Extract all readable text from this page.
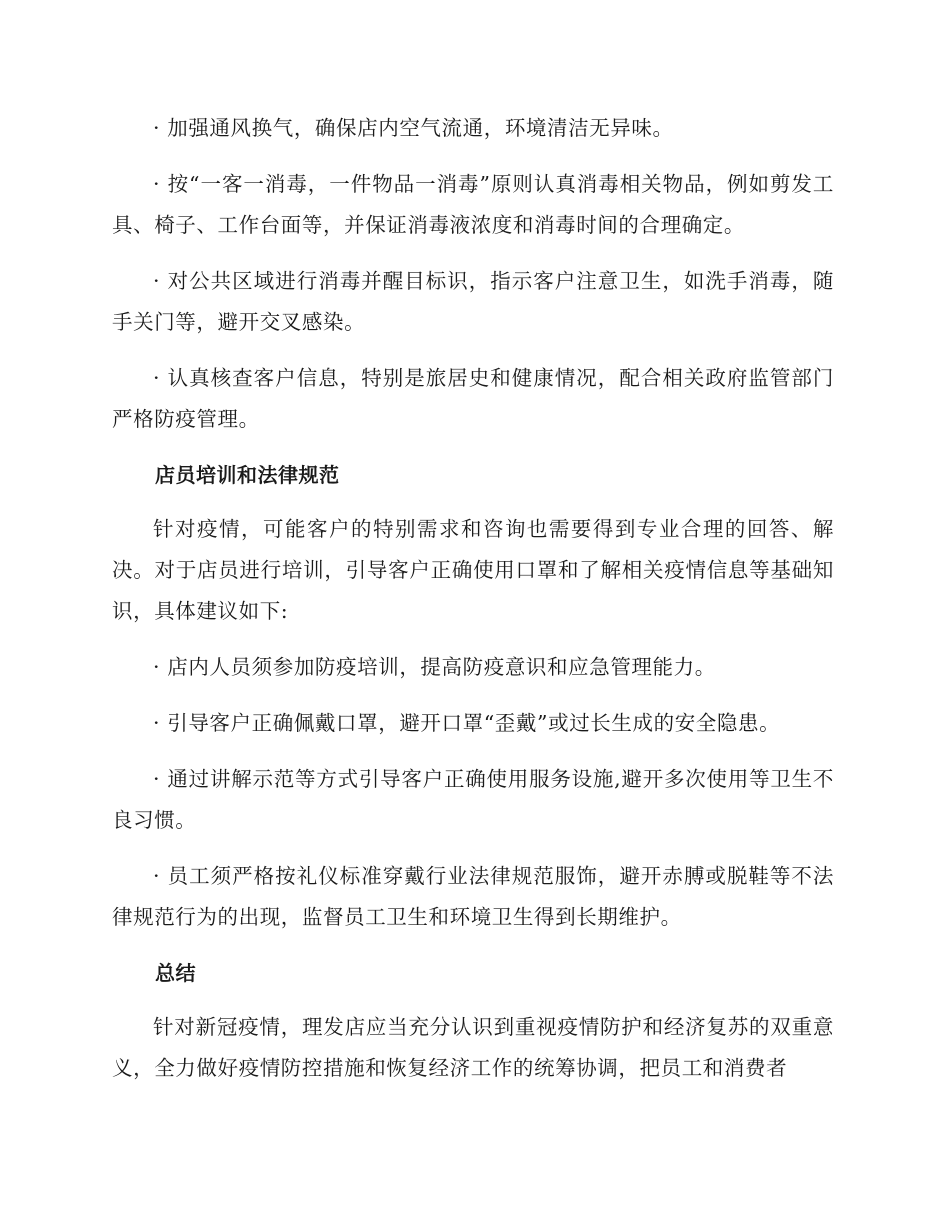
· 加强通风换气，确保店内空气流通，环境清洁无异味。

· 按“一客一消毒，一件物品一消毒”原则认真消毒相关物品，例如剪发工具、椅子、工作台面等，并保证消毒液浓度和消毒时间的合理确定。

· 对公共区域进行消毒并醒目标识，指示客户注意卫生，如洗手消毒，随手关门等，避开交叉感染。

· 认真核查客户信息，特别是旅居史和健康情况，配合相关政府监管部门严格防疫管理。

店员培训和法律规范

针对疫情，可能客户的特别需求和咨询也需要得到专业合理的回答、解决。对于店员进行培训，引导客户正确使用口罩和了解相关疫情信息等基础知识，具体建议如下:

· 店内人员须参加防疫培训，提高防疫意识和应急管理能力。

· 引导客户正确佩戴口罩，避开口罩“歪戴”或过长生成的安全隐患。

· 通过讲解示范等方式引导客户正确使用服务设施,避开多次使用等卫生不良习惯。

· 员工须严格按礼仪标准穿戴行业法律规范服饰，避开赤膊或脱鞋等不法律规范行为的出现，监督员工卫生和环境卫生得到长期维护。

总结

针对新冠疫情，理发店应当充分认识到重视疫情防护和经济复苏的双重意义，全力做好疫情防控措施和恢复经济工作的统筹协调，把员工和消费者
